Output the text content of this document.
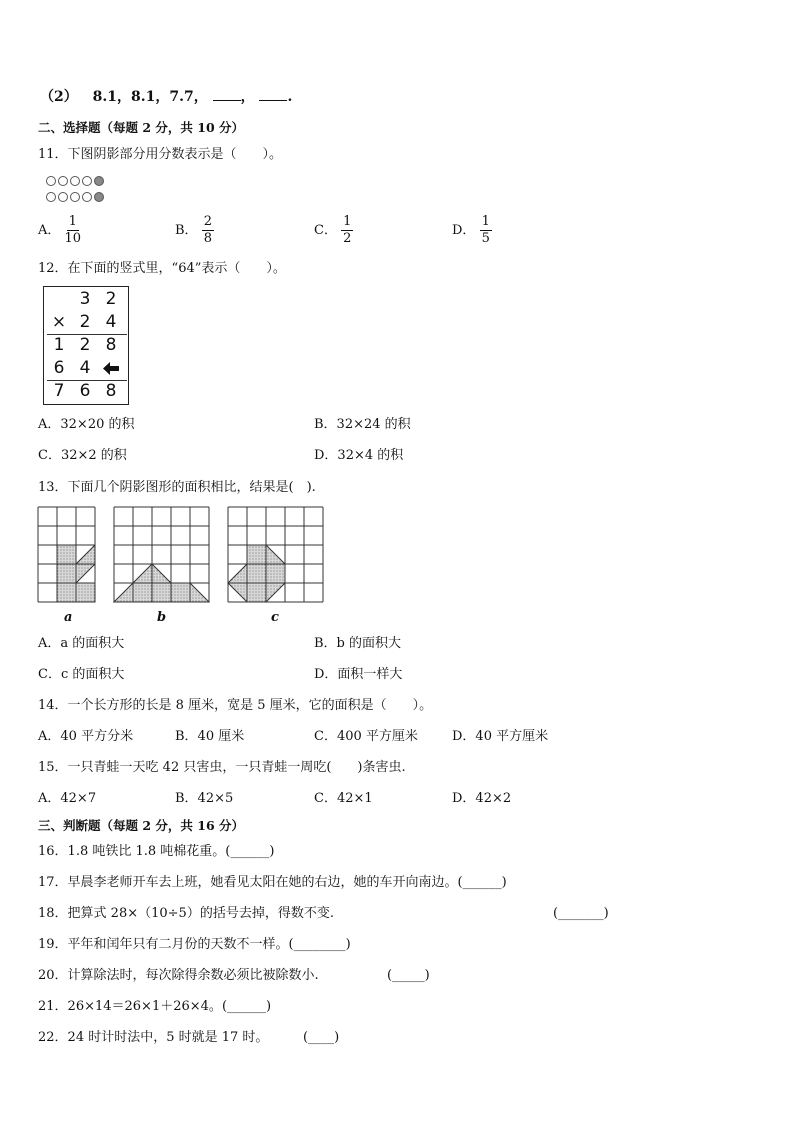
（2） 8.1，8.1，7.7， ， .
二、选择题（每题 2 分，共 10 分）
11．下图阴影部分用分数表示是（　　）。
A． $\frac{1}{10}$	B． $\frac{2}{8}$	C． $\frac{1}{2}$	D． $\frac{1}{5}$
12．在下面的竖式里，“64”表示（　　）。
3 2
× 2 4
1 2 8
6 4
7 6 8
A．32×20 的积	B．32×24 的积
C．32×2 的积	D．32×4 的积
13．下面几个阴影图形的面积相比，结果是(　).
a	b	c
A．a 的面积大	B．b 的面积大
C．c 的面积大	D．面积一样大
14．一个长方形的长是 8 厘米，宽是 5 厘米，它的面积是（　　）。
A．40 平方分米	B．40 厘米	C．400 平方厘米	D．40 平方厘米
15．一只青蛙一天吃 42 只害虫，一只青蛙一周吃(　　)条害虫.
A．42×7	B．42×5	C．42×1	D．42×2
三、判断题（每题 2 分，共 16 分）
16．1.8 吨铁比 1.8 吨棉花重。(______)
17．早晨李老师开车去上班，她看见太阳在她的右边，她的车开向南边。(______)
18．把算式 28×（10÷5）的括号去掉，得数不变.	(_______)
19．平年和闰年只有二月份的天数不一样。(________)
20．计算除法时，每次除得余数必须比被除数小.	(_____)
21．26×14＝26×1＋26×4。(______)
22．24 时计时法中，5 时就是 17 时。	(____)
